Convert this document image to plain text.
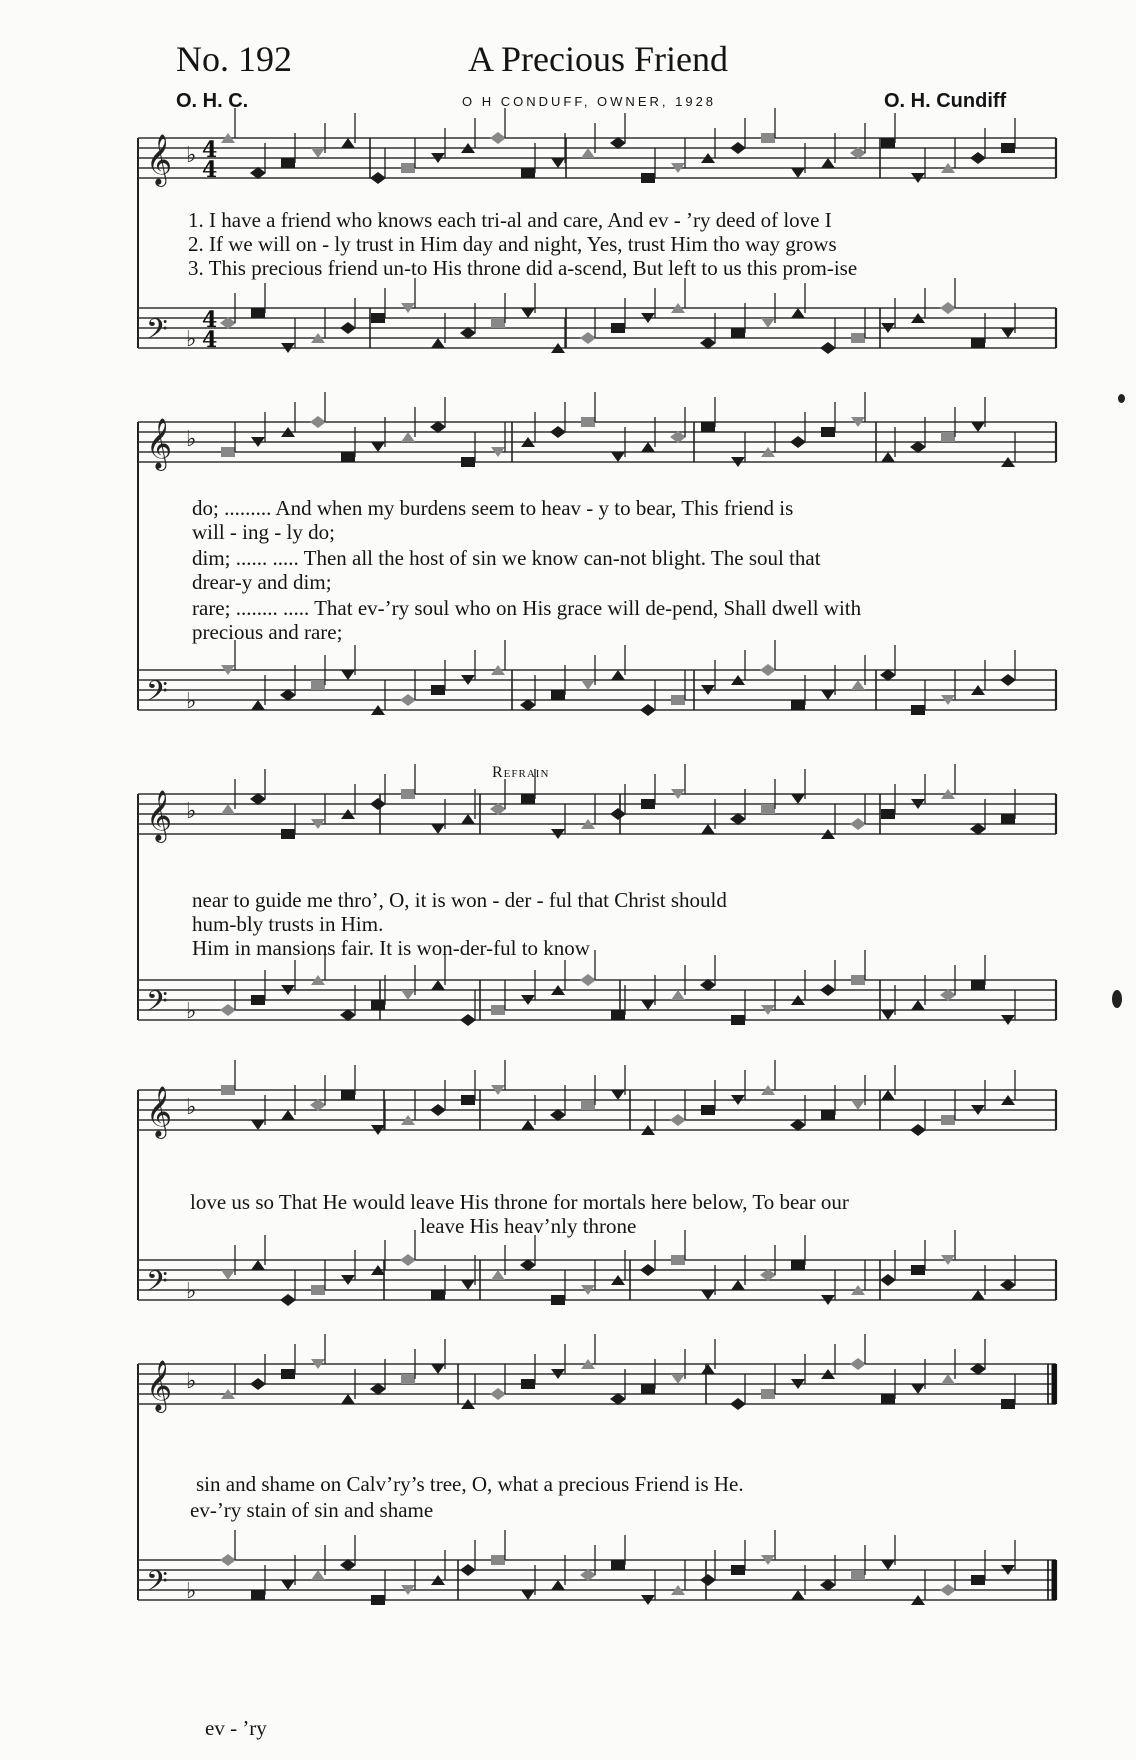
No. 192	A Precious Friend
O. H. C.	O H CONDUFF, OWNER, 1928	O. H. Cundiff
𝄞 ♭
𝄢 ♭
𝄞 ♭
𝄢 ♭
𝄞 ♭
𝄢 ♭
𝄞 ♭
𝄢 ♭
𝄞 ♭
𝄢 ♭
4
4
4
4
1. I have a friend who knows each tri-al and care, And ev - ’ry deed of love I
2. If we will on - ly trust in Him day and night, Yes, trust Him tho way grows
3. This precious friend un-to His throne did a-scend, But left to us this prom-ise
do; ......... And when my burdens seem to heav - y to bear, This friend is
will - ing - ly do;
dim; ...... ..... Then all the host of sin we know can-not blight. The soul that
drear-y and dim;
rare; ........ ..... That ev-’ry soul who on His grace will de-pend, Shall dwell with
precious and rare;
Refrain
near to guide me thro’, O, it is won - der - ful that Christ should
hum-bly trusts in Him.
Him in mansions fair. It is won-der-ful to know
love us so That He would leave His throne for mortals here below, To bear our
leave His heav’nly throne
sin and shame on Calv’ry’s tree, O, what a precious Friend is He.
ev-’ry stain of sin and shame
ev - ’ry
